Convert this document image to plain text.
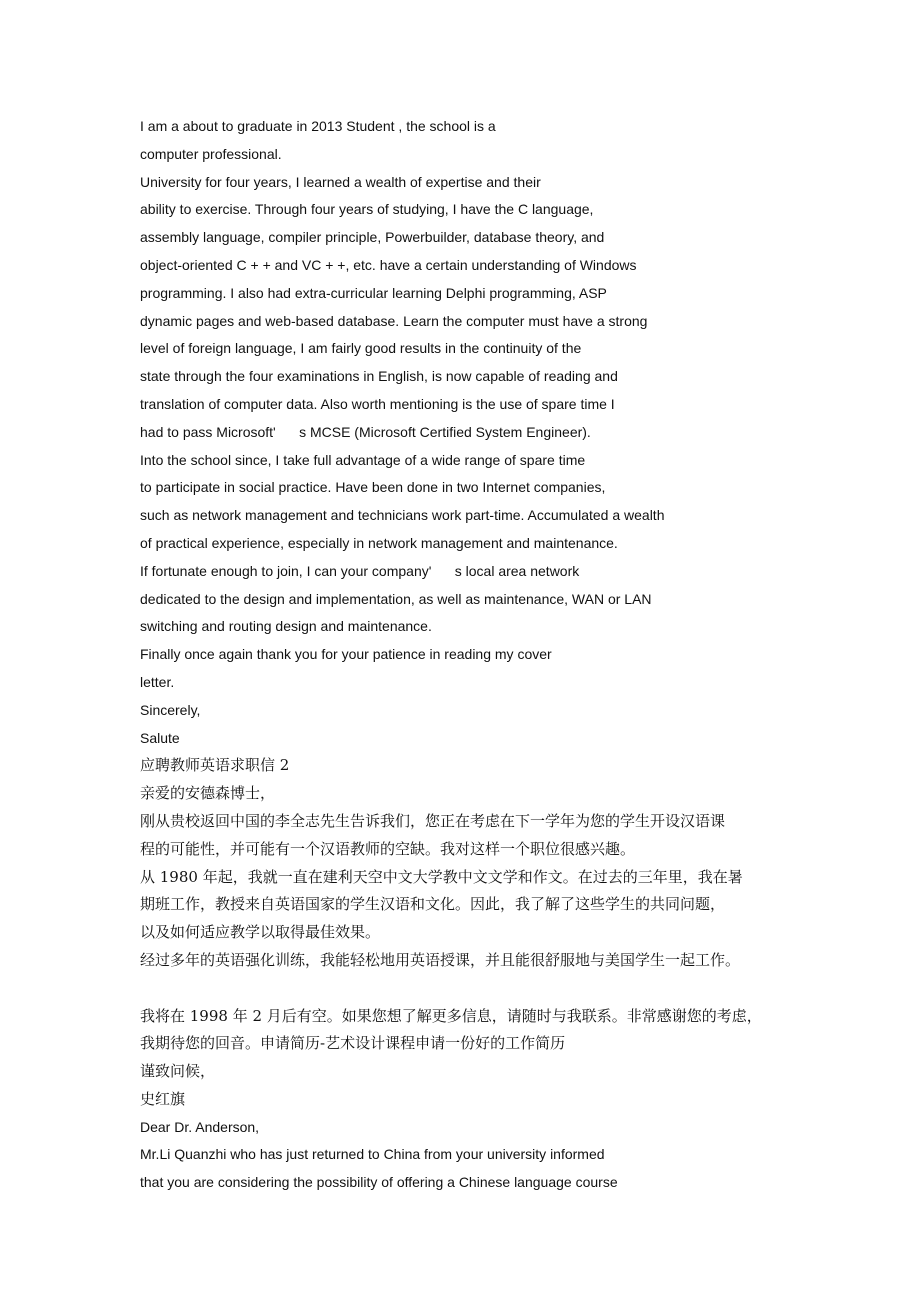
I am a about to graduate in 2013 Student , the school is a
computer professional.
University for four years, I learned a wealth of expertise and their
ability to exercise. Through four years of studying, I have the C language,
assembly language, compiler principle, Powerbuilder, database theory, and
object-oriented C + + and VC + +, etc. have a certain understanding of Windows
programming. I also had extra-curricular learning Delphi programming, ASP
dynamic pages and web-based database. Learn the computer must have a strong
level of foreign language, I am fairly good results in the continuity of the
state through the four examinations in English, is now capable of reading and
translation of computer data. Also worth mentioning is the use of spare time I
had to pass Microsoft'      s MCSE (Microsoft Certified System Engineer).
Into the school since, I take full advantage of a wide range of spare time
to participate in social practice. Have been done in two Internet companies,
such as network management and technicians work part-time. Accumulated a wealth
of practical experience, especially in network management and maintenance.
If fortunate enough to join, I can your company'      s local area network
dedicated to the design and implementation, as well as maintenance, WAN or LAN
switching and routing design and maintenance.
Finally once again thank you for your patience in reading my cover
letter.
Sincerely,
Salute
应聘教师英语求职信 2
亲爱的安德森博士，
刚从贵校返回中国的李全志先生告诉我们，您正在考虑在下一学年为您的学生开设汉语课
程的可能性，并可能有一个汉语教师的空缺。我对这样一个职位很感兴趣。
从 1980 年起，我就一直在建利天空中文大学教中文文学和作文。在过去的三年里，我在暑
期班工作，教授来自英语国家的学生汉语和文化。因此，我了解了这些学生的共同问题，
以及如何适应教学以取得最佳效果。
经过多年的英语强化训练，我能轻松地用英语授课，并且能很舒服地与美国学生一起工作。
我将在 1998 年 2 月后有空。如果您想了解更多信息，请随时与我联系。非常感谢您的考虑，
我期待您的回音。申请简历-艺术设计课程申请一份好的工作简历
谨致问候，
史红旗
Dear Dr. Anderson,
Mr.Li Quanzhi who has just returned to China from your university informed
that you are considering the possibility of offering a Chinese language course
